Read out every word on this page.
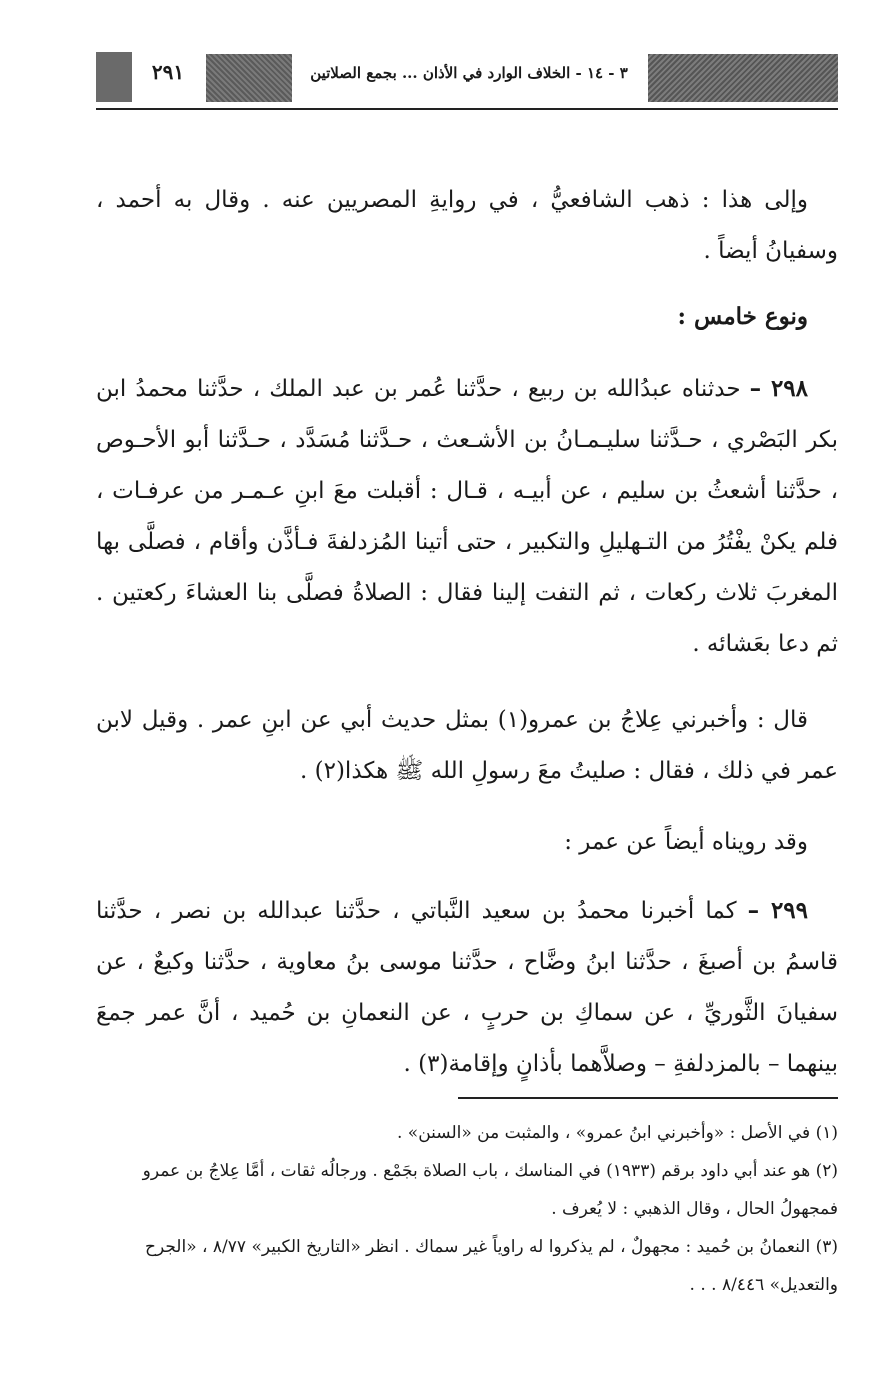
٢٩١	٣ - ١٤ - الخلاف الوارد في الأذان ... بجمع الصلاتين

وإلى هذا : ذهب الشافعيُّ ، في روايةِ المصريين عنه . وقال به أحمد ، وسفيانُ أيضاً .

ونوع خامس :

٢٩٨ – حدثناه عبدُالله بن ربيع ، حدَّثنا عُمر بن عبد الملك ، حدَّثنا محمدُ ابن بكر البَصْري ، حـدَّثنا سليـمـانُ بن الأشـعث ، حـدَّثنا مُسَدَّد ، حـدَّثنا أبو الأحـوص ، حدَّثنا أشعثُ بن سليم ، عن أبيـه ، قـال : أقبلت معَ ابنِ عـمـر من عرفـات ، فلم يكنْ يفْتُرُ من التـهليلِ والتكبير ، حتى أتينا المُزدلفةَ فـأذَّن وأقام ، فصلَّى بها المغربَ ثلاث ركعات ، ثم التفت إلينا فقال : الصلاةُ فصلَّى بنا العشاءَ ركعتين . ثم دعا بعَشائه .

قال : وأخبرني عِلاجُ بن عمرو(١) بمثل حديث أبي عن ابنِ عمر . وقيل لابن عمر في ذلك ، فقال : صليتُ معَ رسولِ الله ﷺ هكذا(٢) .

وقد رويناه أيضاً عن عمر :

٢٩٩ – كما أخبرنا محمدُ بن سعيد النَّباتي ، حدَّثنا عبدالله بن نصر ، حدَّثنا قاسمُ بن أصبغَ ، حدَّثنا ابنُ وضَّاح ، حدَّثنا موسى بنُ معاوية ، حدَّثنا وكيعٌ ، عن سفيانَ الثَّوريِّ ، عن سماكِ بن حربٍ ، عن النعمانِ بن حُميد ، أنَّ عمر جمعَ بينهما – بالمزدلفةِ – وصلاَّهما بأذانٍ وإقامة(٣) .

(١) في الأصل : «وأخبرني ابنُ عمرو» ، والمثبت من «السنن» .

(٢) هو عند أبي داود برقم (١٩٣٣) في المناسك ، باب الصلاة بجَمْع . ورجالُه ثقات ، أمَّا عِلاجُ بن عمرو فمجهولُ الحال ، وقال الذهبي : لا يُعرف .

(٣) النعمانُ بن حُميد : مجهولٌ ، لم يذكروا له راوياً غير سماك . انظر «التاريخ الكبير» ٨/٧٧ ، «الجرح والتعديل» ٨/٤٤٦ . . .
